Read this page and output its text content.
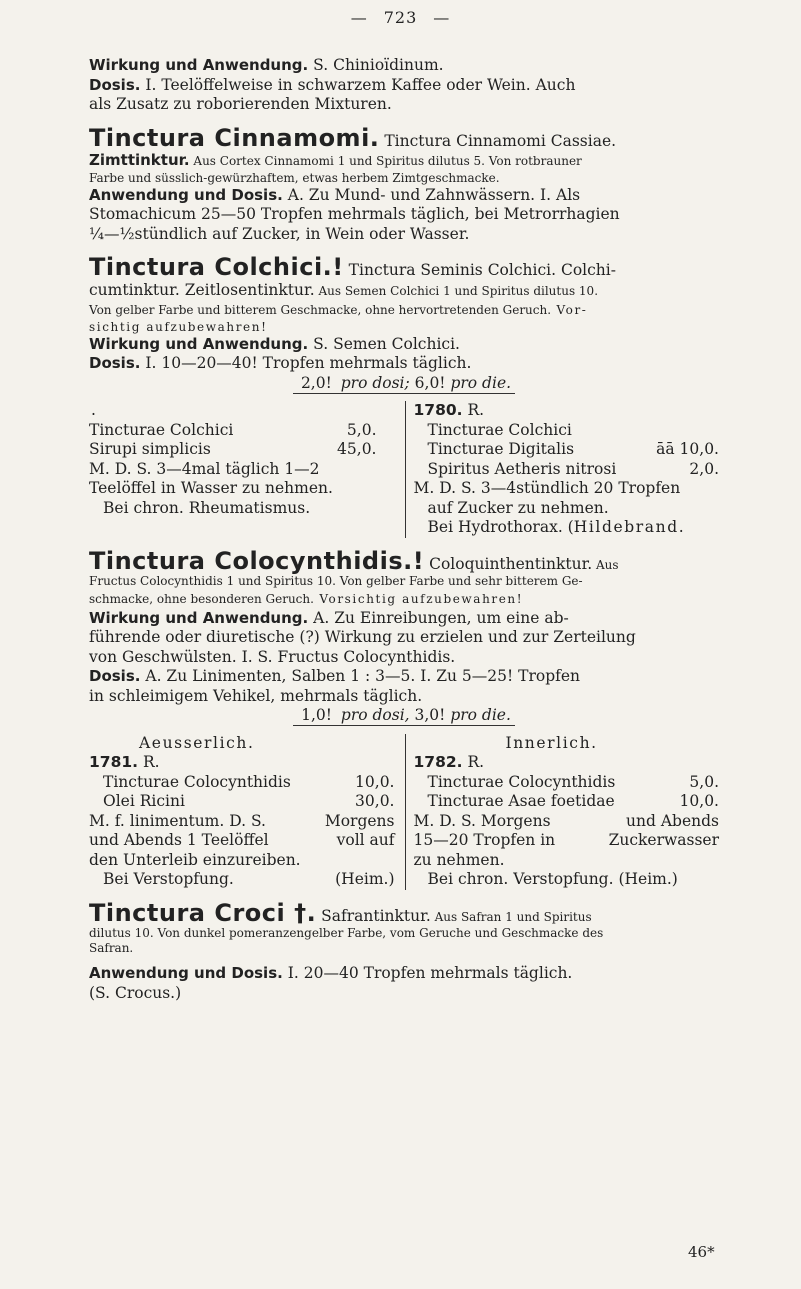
— 723 —

Wirkung und Anwendung. S. Chinioïdinum.

Dosis. I. Teelöffelweise in schwarzem Kaffee oder Wein. Auch

als Zusatz zu roborierenden Mixturen.

Tinctura Cinnamomi. Tinctura Cinnamomi Cassiae.

Zimttinktur. Aus Cortex Cinnamomi 1 und Spiritus dilutus 5. Von rotbrauner

Farbe und süsslich-gewürzhaftem, etwas herbem Zimtgeschmacke.

Anwendung und Dosis. A. Zu Mund- und Zahnwässern. I. Als

Stomachicum 25—50 Tropfen mehrmals täglich, bei Metrorrhagien

¼—½stündlich auf Zucker, in Wein oder Wasser.

Tinctura Colchici.! Tinctura Seminis Colchici. Colchi-

cumtinktur. Zeitlosentinktur. Aus Semen Colchici 1 und Spiritus dilutus 10.

Von gelber Farbe und bitterem Geschmacke, ohne hervortretenden Geruch. Vor-

sichtig aufzubewahren!

Wirkung und Anwendung. S. Semen Colchici.

Dosis. I. 10—20—40! Tropfen mehrmals täglich.

2,0! pro dosi; 6,0! pro die.

.
Tincturae Colchici	5,0.
Sirupi simplicis	45,0.
M. D. S. 3—4mal täglich 1—2
Teelöffel in Wasser zu nehmen.
Bei chron. Rheumatismus.
1780. R.
Tincturae Colchici
Tincturae Digitalis	āā 10,0.
Spiritus Aetheris nitrosi	2,0.
M. D. S. 3—4stündlich 20 Tropfen
auf Zucker zu nehmen.
Bei Hydrothorax. (Hildebrand.

Tinctura Colocynthidis.! Coloquinthentinktur. Aus

Fructus Colocynthidis 1 und Spiritus 10. Von gelber Farbe und sehr bitterem Ge-

schmacke, ohne besonderen Geruch. Vorsichtig aufzubewahren!

Wirkung und Anwendung. A. Zu Einreibungen, um eine ab-

führende oder diuretische (?) Wirkung zu erzielen und zur Zerteilung

von Geschwülsten. I. S. Fructus Colocynthidis.

Dosis. A. Zu Linimenten, Salben 1 : 3—5. I. Zu 5—25! Tropfen

in schleimigem Vehikel, mehrmals täglich.

1,0! pro dosi, 3,0! pro die.

Aeusserlich.
1781. R.
Tincturae Colocynthidis	10,0.
Olei Ricini	30,0.
M. f. linimentum. D. S.	Morgens
und Abends 1 Teelöffel	voll auf
den Unterleib einzureiben.
Bei Verstopfung.	(Heim.)
Innerlich.
1782. R.
Tincturae Colocynthidis	5,0.
Tincturae Asae foetidae	10,0.
M. D. S. Morgens	und Abends
15—20 Tropfen in	Zuckerwasser
zu nehmen.
Bei chron. Verstopfung. (Heim.)

Tinctura Croci †. Safrantinktur. Aus Safran 1 und Spiritus

dilutus 10. Von dunkel pomeranzengelber Farbe, vom Geruche und Geschmacke des

Safran.

Anwendung und Dosis. I. 20—40 Tropfen mehrmals täglich.

(S. Crocus.)

46*
